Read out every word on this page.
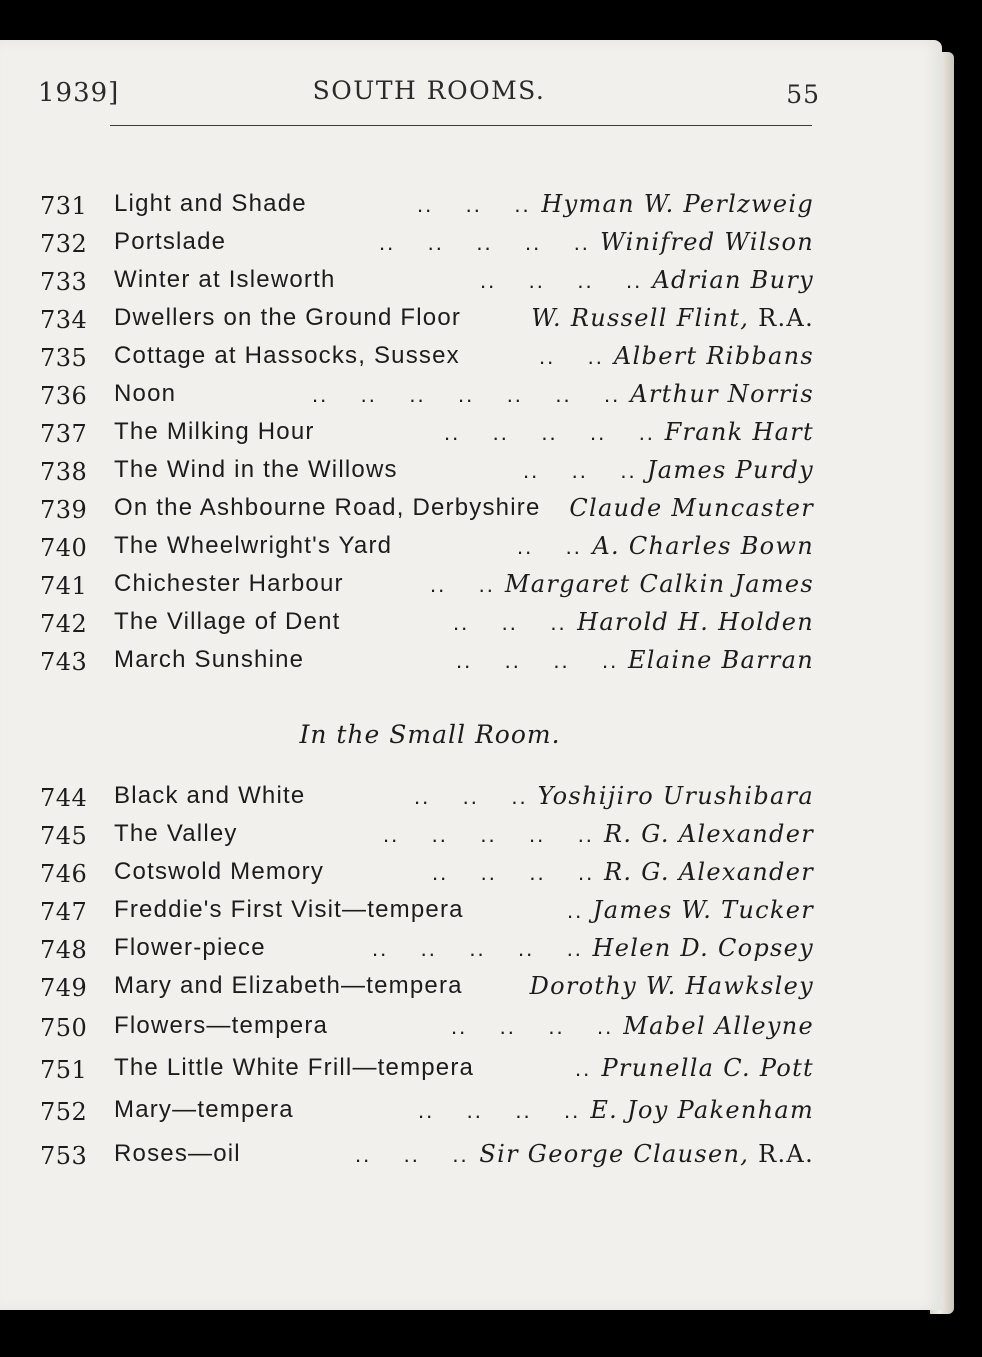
1939]	SOUTH ROOMS.	55
In the Small Room.
731 Light and Shade	Hyman W. Perlzweig
..    ..    ..
732 Portslade	Winifred Wilson
..    ..    ..    ..    ..
733 Winter at Isleworth	Adrian Bury
..    ..    ..    ..
734 Dwellers on the Ground Floor	W. Russell Flint, R.A.
735 Cottage at Hassocks, Sussex	Albert Ribbans
..    ..
736 Noon	Arthur Norris
..    ..    ..    ..    ..    ..    ..
737 The Milking Hour	Frank Hart
..    ..    ..    ..    ..
738 The Wind in the Willows	James Purdy
..    ..    ..
739 On the Ashbourne Road, Derbyshire Claude Muncaster
740 The Wheelwright's Yard	A. Charles Bown
..    ..
741 Chichester Harbour	Margaret Calkin James
..    ..
742 The Village of Dent	Harold H. Holden
..    ..    ..
743 March Sunshine	Elaine Barran
..    ..    ..    ..
744 Black and White	Yoshijiro Urushibara
..    ..    ..
745 The Valley	R. G. Alexander
..    ..    ..    ..    ..
746 Cotswold Memory	R. G. Alexander
..    ..    ..    ..
747 Freddie's First Visit—tempera	James W. Tucker
..
748 Flower-piece	Helen D. Copsey
..    ..    ..    ..    ..
749 Mary and Elizabeth—tempera	Dorothy W. Hawksley
750 Flowers—tempera	Mabel Alleyne
..    ..    ..    ..
751 The Little White Frill—tempera	Prunella C. Pott
..
752 Mary—tempera	E. Joy Pakenham
..    ..    ..    ..
753 Roses—oil	Sir George Clausen, R.A.
..    ..    ..
